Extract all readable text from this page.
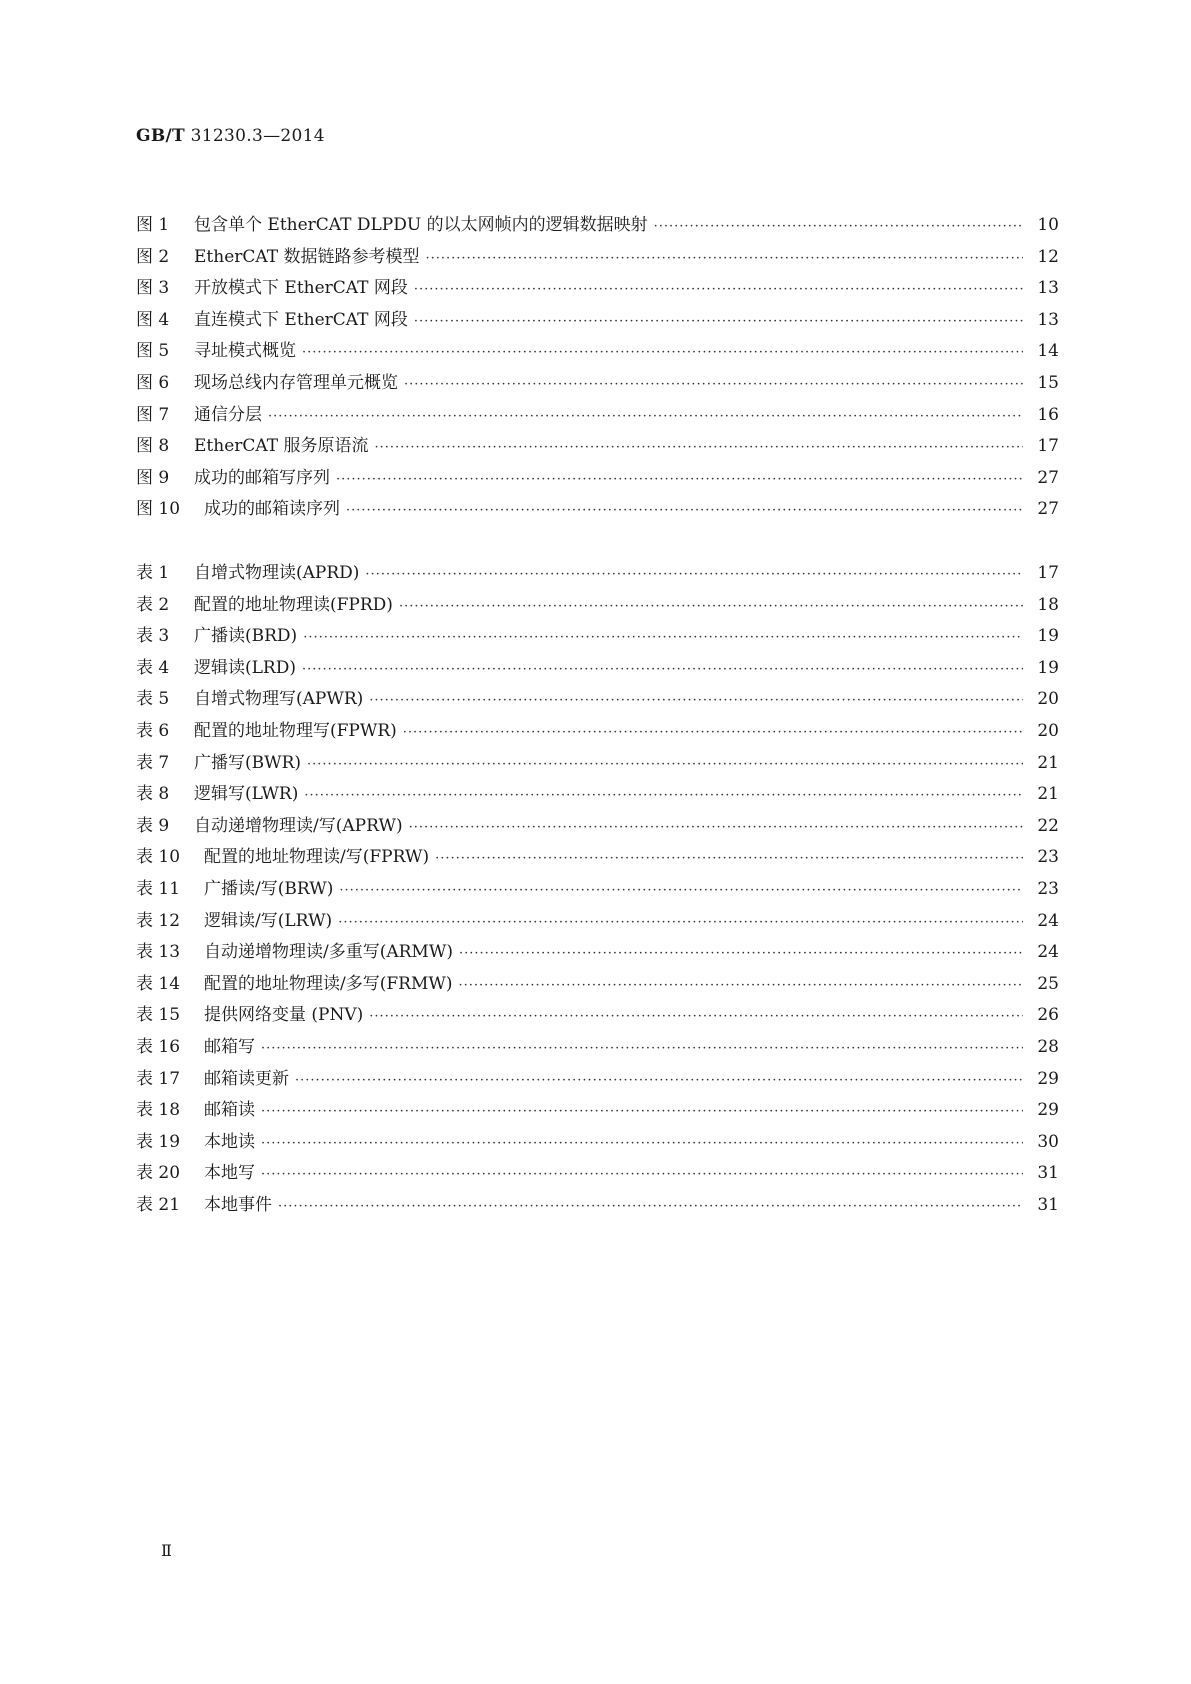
GB/T 31230.3—2014
图 1	包含单个 EtherCAT DLPDU 的以太网帧内的逻辑数据映射 ·····	10
图 2	EtherCAT 数据链路参考模型 ·····	12
图 3	开放模式下 EtherCAT 网段 ·····	13
图 4	直连模式下 EtherCAT 网段 ·····	13
图 5	寻址模式概览 ·····	14
图 6	现场总线内存管理单元概览 ·····	15
图 7	通信分层 ·····	16
图 8	EtherCAT 服务原语流 ·····	17
图 9	成功的邮箱写序列 ·····	27
图 10	成功的邮箱读序列 ·····	27
表 1	自增式物理读(APRD) ·····	17
表 2	配置的地址物理读(FPRD) ·····	18
表 3	广播读(BRD) ·····	19
表 4	逻辑读(LRD) ·····	19
表 5	自增式物理写(APWR) ·····	20
表 6	配置的地址物理写(FPWR) ·····	20
表 7	广播写(BWR) ·····	21
表 8	逻辑写(LWR) ·····	21
表 9	自动递增物理读/写(APRW) ·····	22
表 10	配置的地址物理读/写(FPRW) ·····	23
表 11	广播读/写(BRW) ·····	23
表 12	逻辑读/写(LRW) ·····	24
表 13	自动递增物理读/多重写(ARMW) ·····	24
表 14	配置的地址物理读/多写(FRMW) ·····	25
表 15	提供网络变量 (PNV) ·····	26
表 16	邮箱写 ·····	28
表 17	邮箱读更新 ·····	29
表 18	邮箱读 ·····	29
表 19	本地读 ·····	30
表 20	本地写 ·····	31
表 21	本地事件 ·····	31
Ⅱ
